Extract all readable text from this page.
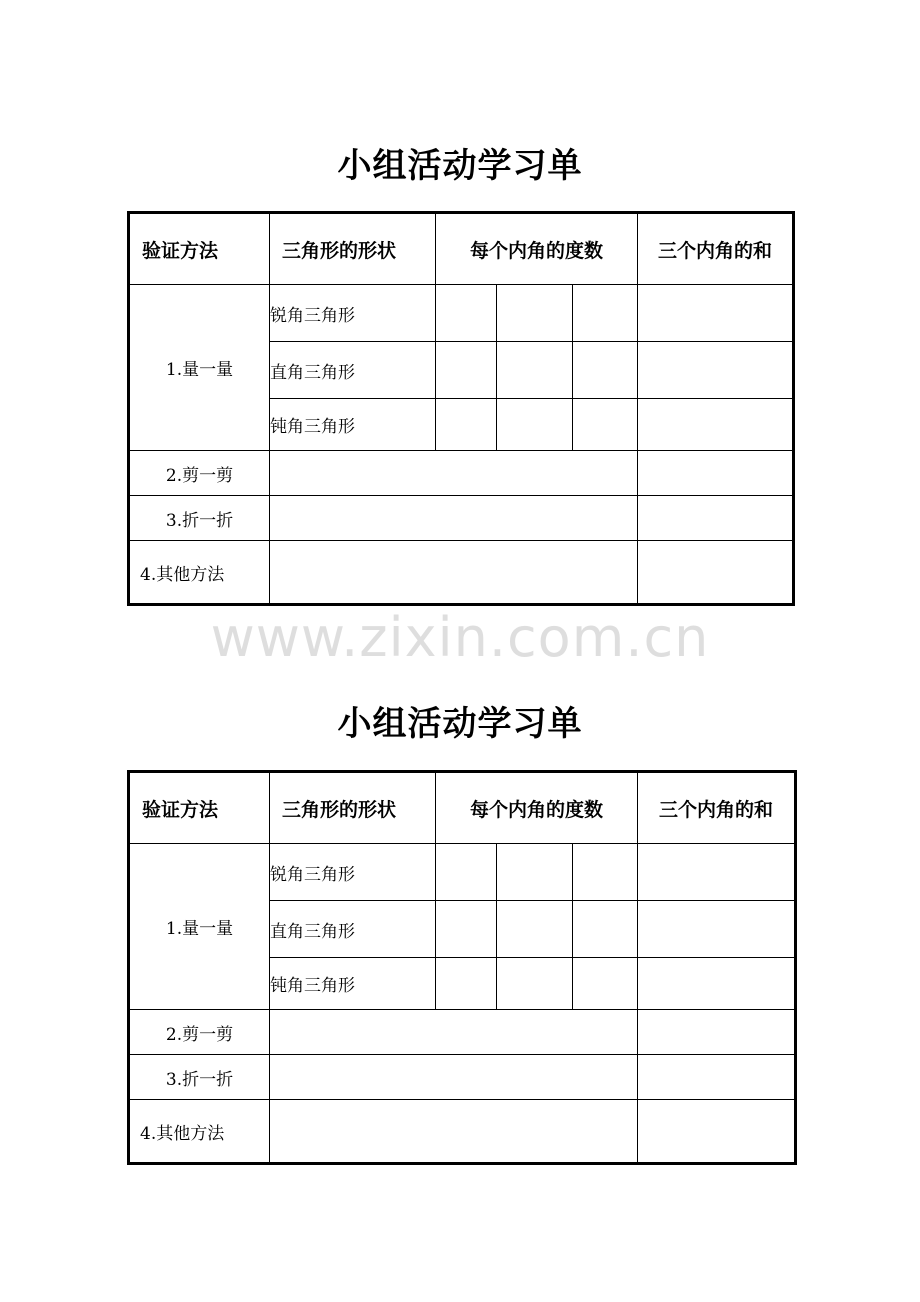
小组活动学习单
验证方法	三角形的形状	每个内角的度数			三个内角的和
1.量一量	锐角三角形				
	直角三角形				
	钝角三角形				
2.剪一剪					
3.折一折					
4.其他方法					
www.zixin.com.cn
小组活动学习单
验证方法	三角形的形状	每个内角的度数			三个内角的和
1.量一量	锐角三角形				
	直角三角形				
	钝角三角形				
2.剪一剪					
3.折一折					
4.其他方法					
